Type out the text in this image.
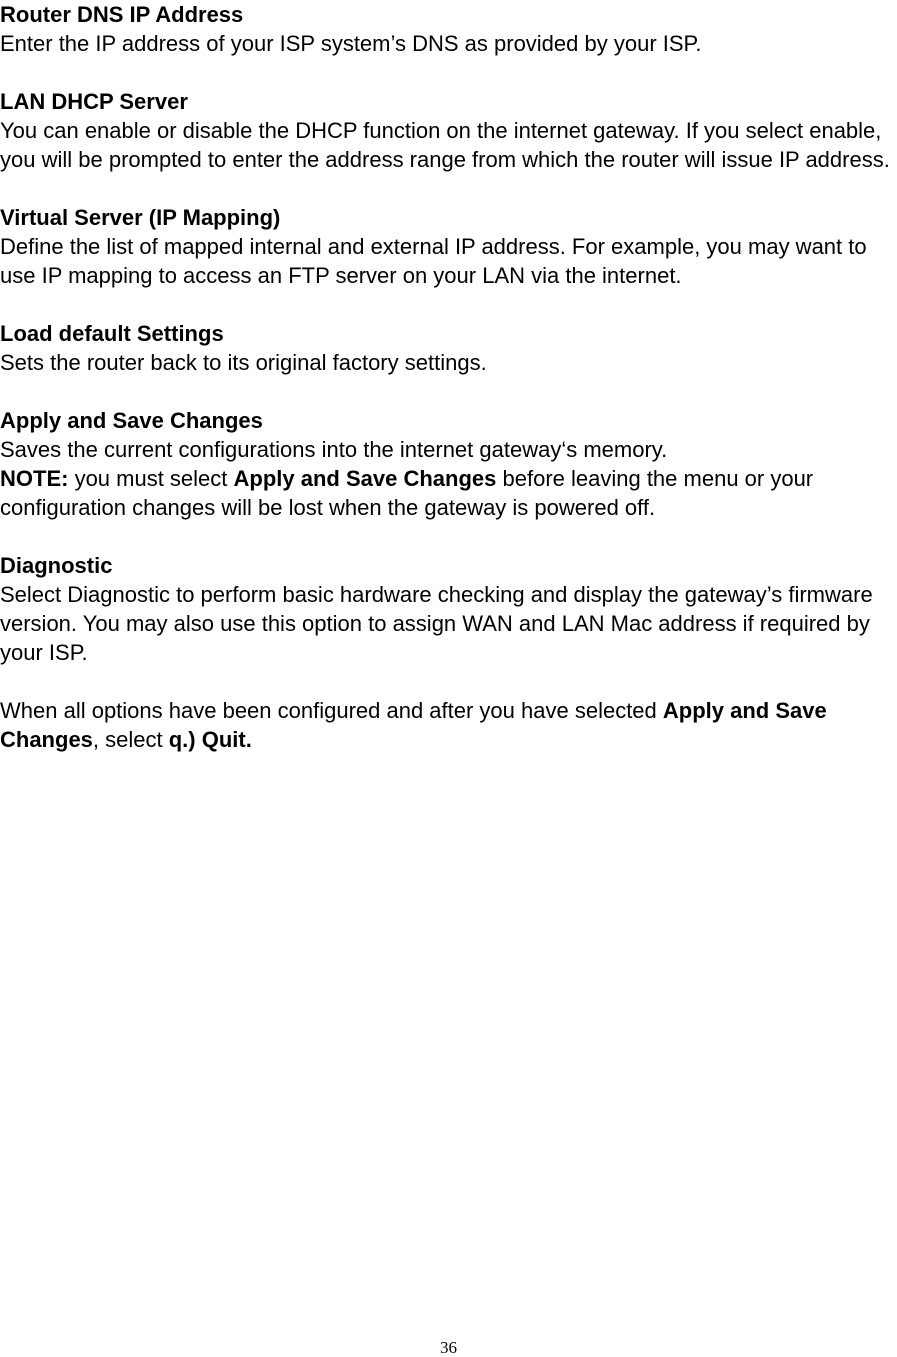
Router DNS IP Address
Enter the IP address of your ISP system’s DNS as provided by your ISP.
LAN DHCP Server
You can enable or disable the DHCP function on the internet gateway. If you select enable, you will be prompted to enter the address range from which the router will issue IP address.
Virtual Server (IP Mapping)
Define the list of mapped internal and external IP address. For example, you may want to use IP mapping to access an FTP server on your LAN via the internet.
Load default Settings
Sets the router back to its original factory settings.
Apply and Save Changes
Saves the current configurations into the internet gateway‘s memory.
NOTE: you must select Apply and Save Changes before leaving the menu or your configuration changes will be lost when the gateway is powered off.
Diagnostic
Select Diagnostic to perform basic hardware checking and display the gateway’s firmware version. You may also use this option to assign WAN and LAN Mac address if required by your ISP.
When all options have been configured and after you have selected Apply and Save Changes, select q.) Quit.
36
